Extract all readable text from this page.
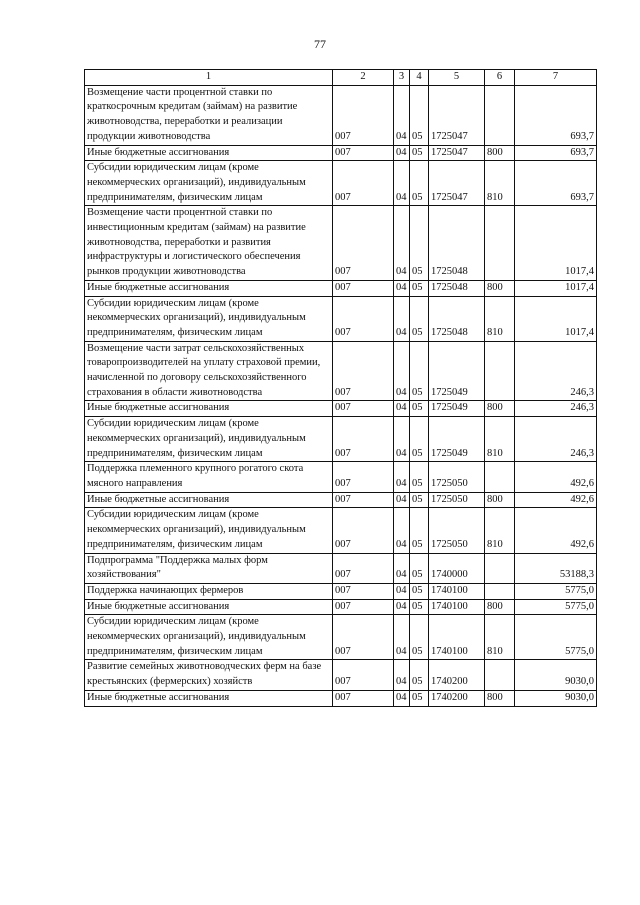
77
1	2	3	4	5	6	7
Возмещение части процентной ставки по краткосрочным кредитам (займам) на развитие животноводства, переработки и реализации продукции животноводства	007	04	05	1725047		693,7
Иные бюджетные ассигнования	007	04	05	1725047	800	693,7
Субсидии юридическим лицам (кроме некоммерческих организаций), индивидуальным предпринимателям, физическим лицам	007	04	05	1725047	810	693,7
Возмещение части процентной ставки по инвестиционным кредитам (займам) на развитие животноводства, переработки и развития инфраструктуры и логистического обеспечения рынков продукции животноводства	007	04	05	1725048		1017,4
Иные бюджетные ассигнования	007	04	05	1725048	800	1017,4
Субсидии юридическим лицам (кроме некоммерческих организаций), индивидуальным предпринимателям, физическим лицам	007	04	05	1725048	810	1017,4
Возмещение части затрат сельскохозяйственных товаропроизводителей на уплату страховой премии, начисленной по договору сельскохозяйственного страхования в области животноводства	007	04	05	1725049		246,3
Иные бюджетные ассигнования	007	04	05	1725049	800	246,3
Субсидии юридическим лицам (кроме некоммерческих организаций), индивидуальным предпринимателям, физическим лицам	007	04	05	1725049	810	246,3
Поддержка племенного крупного рогатого скота мясного направления	007	04	05	1725050		492,6
Иные бюджетные ассигнования	007	04	05	1725050	800	492,6
Субсидии юридическим лицам (кроме некоммерческих организаций), индивидуальным предпринимателям, физическим лицам	007	04	05	1725050	810	492,6
Подпрограмма "Поддержка малых форм хозяйствования"	007	04	05	1740000		53188,3
Поддержка начинающих фермеров	007	04	05	1740100		5775,0
Иные бюджетные ассигнования	007	04	05	1740100	800	5775,0
Субсидии юридическим лицам (кроме некоммерческих организаций), индивидуальным предпринимателям, физическим лицам	007	04	05	1740100	810	5775,0
Развитие семейных животноводческих ферм на базе крестьянских (фермерских) хозяйств	007	04	05	1740200		9030,0
Иные бюджетные ассигнования	007	04	05	1740200	800	9030,0
